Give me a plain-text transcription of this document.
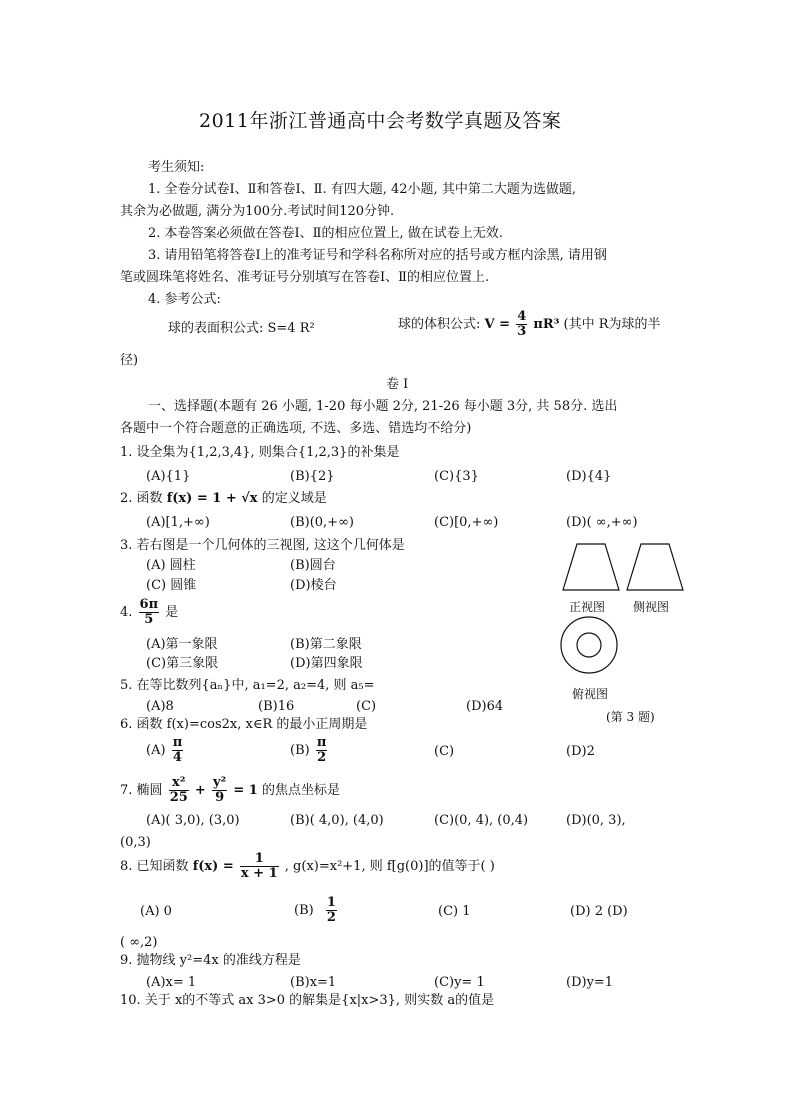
2011年浙江普通高中会考数学真题及答案
考生须知:
1. 全卷分试卷Ⅰ、Ⅱ和答卷Ⅰ、Ⅱ. 有四大题, 42小题, 其中第二大题为选做题,
其余为必做题, 满分为100分.考试时间120分钟.
2. 本卷答案必须做在答卷Ⅰ、Ⅱ的相应位置上, 做在试卷上无效.
3. 请用铅笔将答卷Ⅰ上的准考证号和学科名称所对应的括号或方框内涂黑, 请用钢
笔或圆珠笔将姓名、准考证号分别填写在答卷Ⅰ、Ⅱ的相应位置上.
4. 参考公式:
球的表面积公式: S=4 R²	球的体积公式: $V = \frac{4}{3} \pi R^3$ (其中 R为球的半
径)
卷 Ⅰ
一、选择题(本题有 26 小题, 1-20 每小题 2分, 21-26 每小题 3分, 共 58分. 选出
各题中一个符合题意的正确选项, 不选、多选、错选均不给分)
1. 设全集为{1,2,3,4}, 则集合{1,2,3}的补集是
(A){1}	(B){2}	(C){3}	(D){4}
2. 函数 f(x) = 1 + √x 的定义域是
(A)[1,+∞)	(B)(0,+∞)	(C)[0,+∞)	(D)( ∞,+∞)
3. 若右图是一个几何体的三视图, 这这个几何体是
(A) 圆柱	(B)圆台
(C) 圆锥	(D)棱台
4. $\frac{6\pi}{5}$ 是
(A)第一象限	(B)第二象限
(C)第三象限	(D)第四象限
5. 在等比数列{aₙ}中, a₁=2, a₂=4, 则 a₅=
(A)8	(B)16	(C)	(D)64
6. 函数 f(x)=cos2x, x∈R 的最小正周期是
$(A) \frac{\pi}{4}$	$(B) \frac{\pi}{2}$	(C)	(D)2
7. 椭圆 $\frac{\text{x²}}{25} + \frac{\text{y²}}{9} = 1$ 的焦点坐标是
(A)( 3,0), (3,0)	(B)( 4,0), (4,0)	(C)(0, 4), (0,4)	(D)(0, 3),
(0,3)
8. 已知函数 $f(x) = \frac{1}{x + 1}$ , g(x)=x²+1, 则 f[g(0)]的值等于( )
(A) 0	$(B) \frac{1}{2}$	(C) 1	(D) 2 (D)
( ∞,2)
9. 抛物线 y²=4x 的准线方程是
(A)x= 1	(B)x=1	(C)y= 1	(D)y=1
10. 关于 x的不等式 ax 3>0 的解集是{x|x>3}, 则实数 a的值是
正视图 侧视图
俯视图
(第 3 题)
